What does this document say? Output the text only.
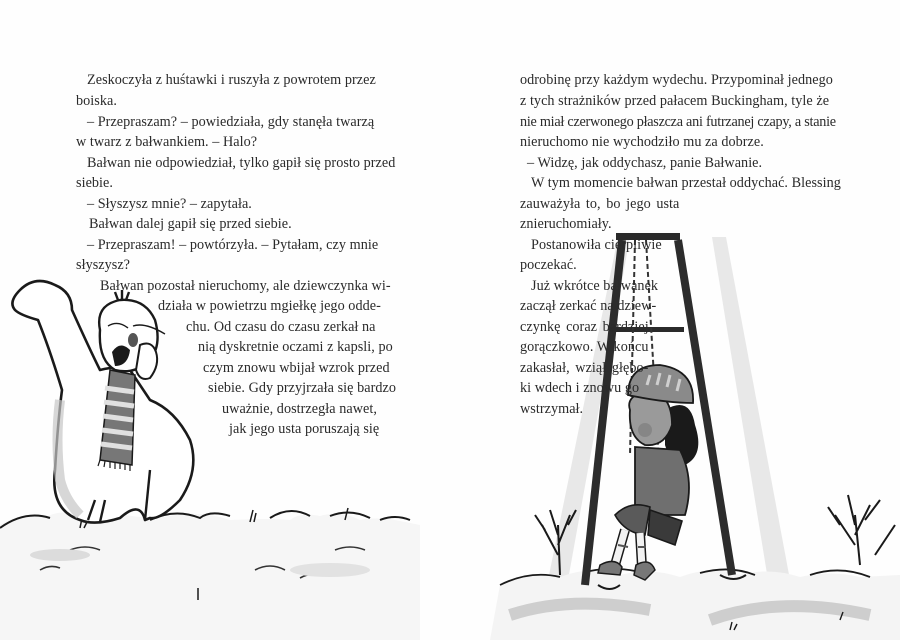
Zeskoczyła z huśtawki i ruszyła z powrotem przez
boiska.
– Przepraszam? – powiedziała, gdy stanęła twarzą
w twarz z bałwankiem. – Halo?
Bałwan nie odpowiedział, tylko gapił się prosto przed
siebie.
– Słyszysz mnie? – zapytała.
Bałwan dalej gapił się przed siebie.
– Przepraszam! – powtórzyła. – Pytałam, czy mnie
słyszysz?
Bałwan pozostał nieruchomy, ale dziewczynka wi-
działa w powietrzu mgiełkę jego odde-
chu. Od czasu do czasu zerkał na
nią dyskretnie oczami z kapsli, po
czym znowu wbijał wzrok przed
siebie. Gdy przyjrzała się bardzo
uważnie, dostrzegła nawet,
jak jego usta poruszają się
odrobinę przy każdym wydechu. Przypominał jednego
z tych strażników przed pałacem Buckingham, tyle że
nie miał czerwonego płaszcza ani futrzanej czapy, a stanie
nieruchomo nie wychodziło mu za dobrze.
– Widzę, jak oddychasz, panie Bałwanie.
W tym momencie bałwan przestał oddychać. Blessing
zauważyła to, bo jego usta
znieruchomiały.
Postanowiła cierpliwie
poczekać.
Już wkrótce bałwanek
zaczął zerkać na dziew-
czynkę coraz bardziej
gorączkowo. W końcu
zakasłał, wziął głębo-
ki wdech i znowu go
wstrzymał.
